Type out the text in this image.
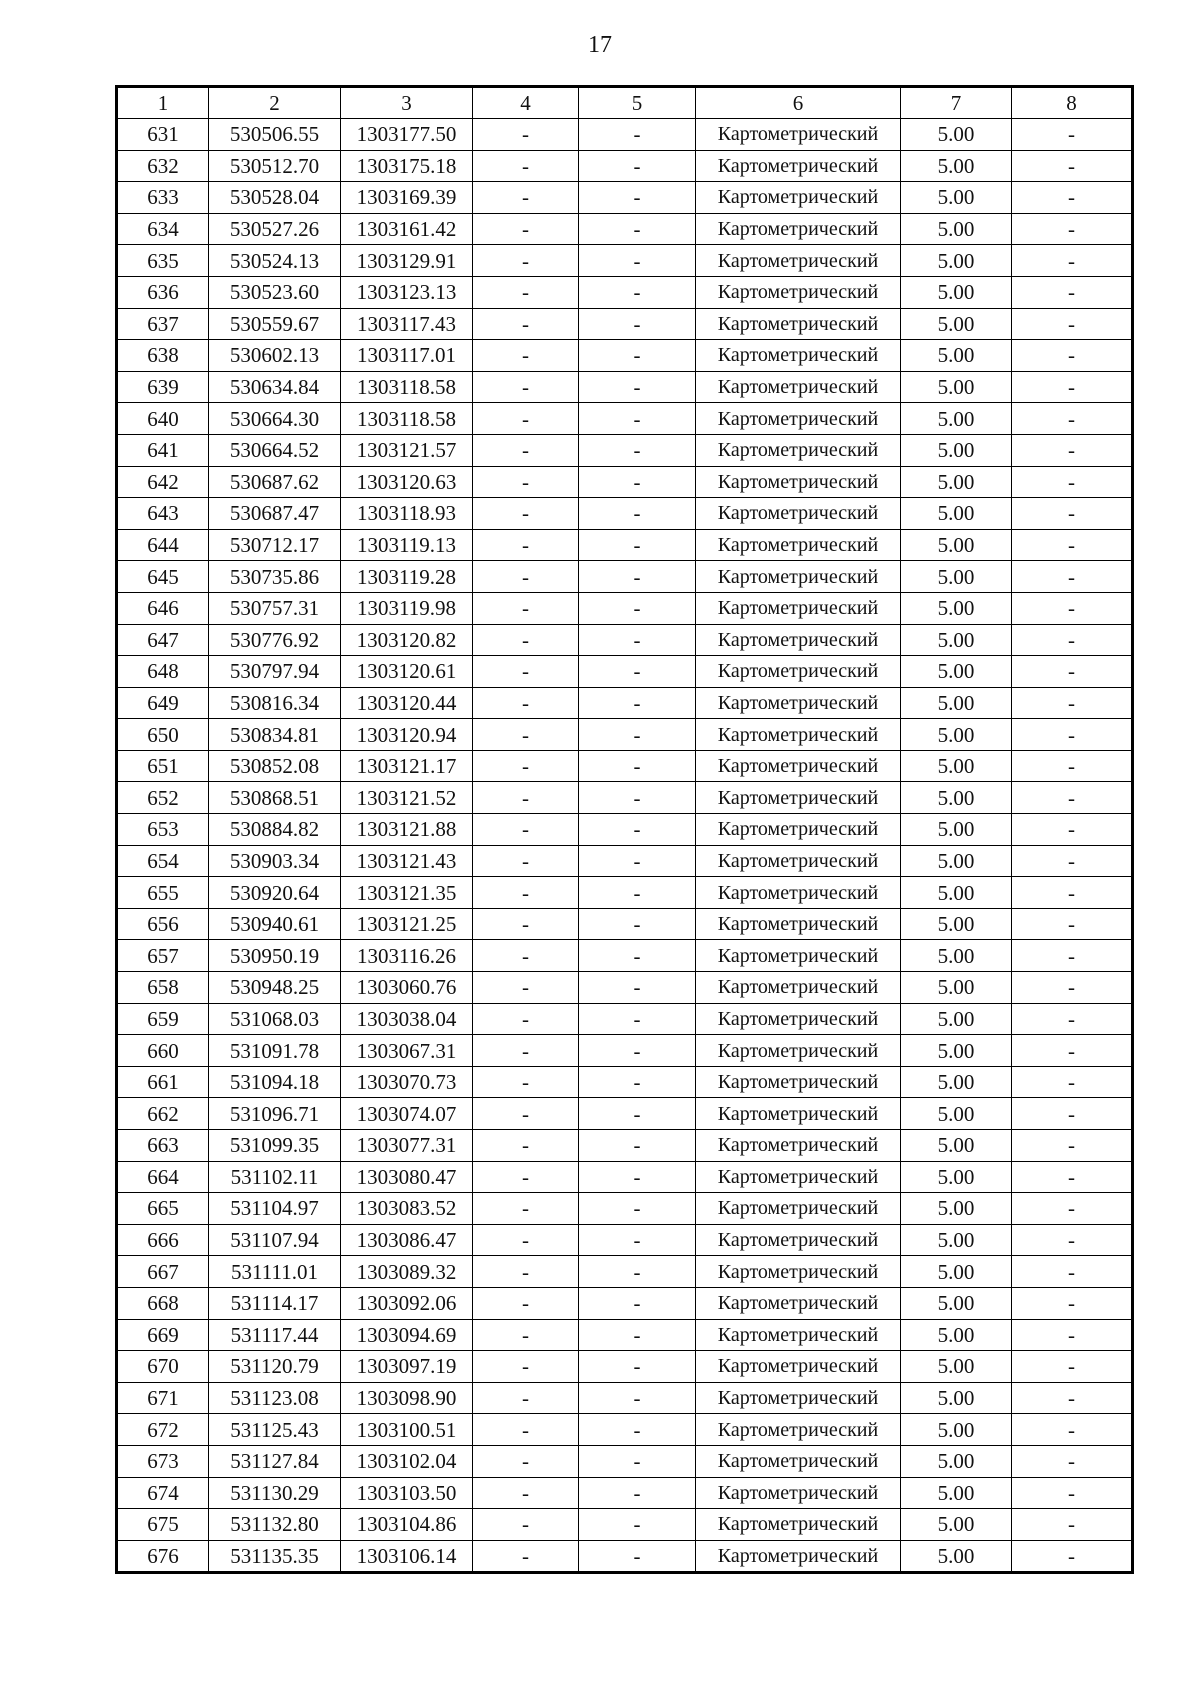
17
1	2	3	4	5	6	7	8
631	530506.55	1303177.50	-	-	Картометрический	5.00	-
632	530512.70	1303175.18	-	-	Картометрический	5.00	-
633	530528.04	1303169.39	-	-	Картометрический	5.00	-
634	530527.26	1303161.42	-	-	Картометрический	5.00	-
635	530524.13	1303129.91	-	-	Картометрический	5.00	-
636	530523.60	1303123.13	-	-	Картометрический	5.00	-
637	530559.67	1303117.43	-	-	Картометрический	5.00	-
638	530602.13	1303117.01	-	-	Картометрический	5.00	-
639	530634.84	1303118.58	-	-	Картометрический	5.00	-
640	530664.30	1303118.58	-	-	Картометрический	5.00	-
641	530664.52	1303121.57	-	-	Картометрический	5.00	-
642	530687.62	1303120.63	-	-	Картометрический	5.00	-
643	530687.47	1303118.93	-	-	Картометрический	5.00	-
644	530712.17	1303119.13	-	-	Картометрический	5.00	-
645	530735.86	1303119.28	-	-	Картометрический	5.00	-
646	530757.31	1303119.98	-	-	Картометрический	5.00	-
647	530776.92	1303120.82	-	-	Картометрический	5.00	-
648	530797.94	1303120.61	-	-	Картометрический	5.00	-
649	530816.34	1303120.44	-	-	Картометрический	5.00	-
650	530834.81	1303120.94	-	-	Картометрический	5.00	-
651	530852.08	1303121.17	-	-	Картометрический	5.00	-
652	530868.51	1303121.52	-	-	Картометрический	5.00	-
653	530884.82	1303121.88	-	-	Картометрический	5.00	-
654	530903.34	1303121.43	-	-	Картометрический	5.00	-
655	530920.64	1303121.35	-	-	Картометрический	5.00	-
656	530940.61	1303121.25	-	-	Картометрический	5.00	-
657	530950.19	1303116.26	-	-	Картометрический	5.00	-
658	530948.25	1303060.76	-	-	Картометрический	5.00	-
659	531068.03	1303038.04	-	-	Картометрический	5.00	-
660	531091.78	1303067.31	-	-	Картометрический	5.00	-
661	531094.18	1303070.73	-	-	Картометрический	5.00	-
662	531096.71	1303074.07	-	-	Картометрический	5.00	-
663	531099.35	1303077.31	-	-	Картометрический	5.00	-
664	531102.11	1303080.47	-	-	Картометрический	5.00	-
665	531104.97	1303083.52	-	-	Картометрический	5.00	-
666	531107.94	1303086.47	-	-	Картометрический	5.00	-
667	531111.01	1303089.32	-	-	Картометрический	5.00	-
668	531114.17	1303092.06	-	-	Картометрический	5.00	-
669	531117.44	1303094.69	-	-	Картометрический	5.00	-
670	531120.79	1303097.19	-	-	Картометрический	5.00	-
671	531123.08	1303098.90	-	-	Картометрический	5.00	-
672	531125.43	1303100.51	-	-	Картометрический	5.00	-
673	531127.84	1303102.04	-	-	Картометрический	5.00	-
674	531130.29	1303103.50	-	-	Картометрический	5.00	-
675	531132.80	1303104.86	-	-	Картометрический	5.00	-
676	531135.35	1303106.14	-	-	Картометрический	5.00	-
